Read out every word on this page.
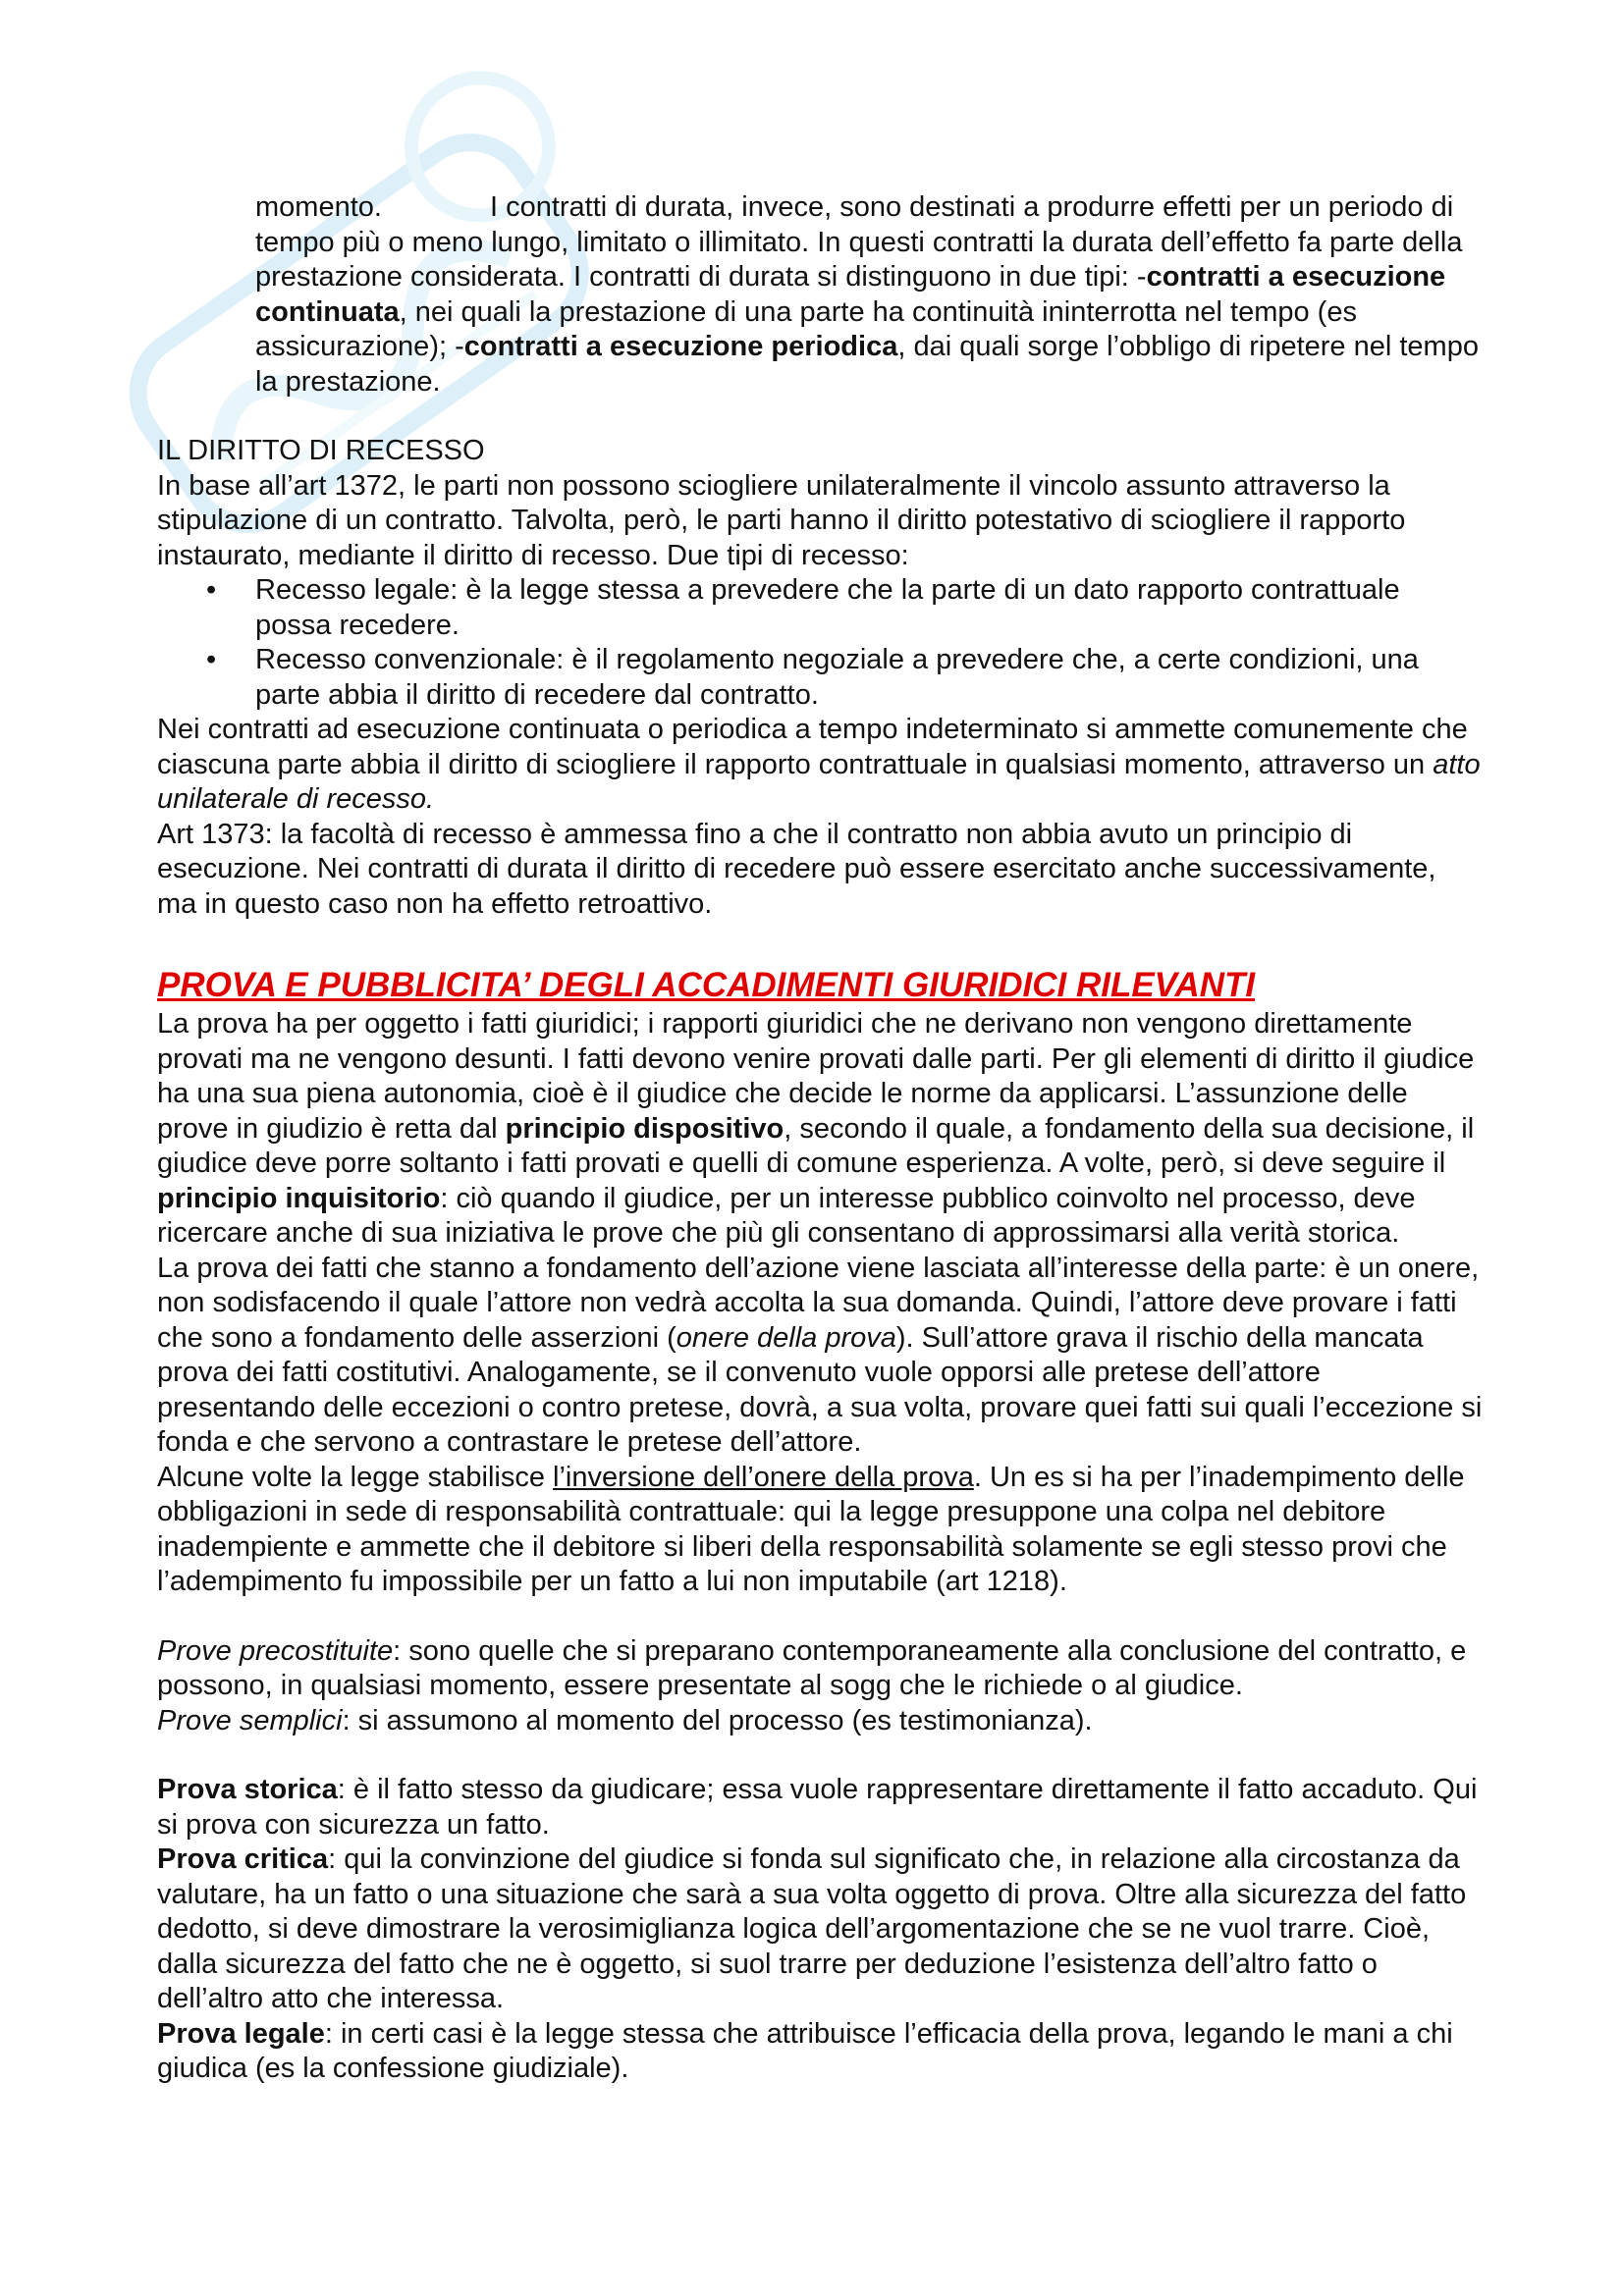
momento.	I contratti di durata, invece, sono destinati a produrre effetti per un periodo di tempo più o meno lungo, limitato o illimitato. In questi contratti la durata dell’effetto fa parte della prestazione considerata. I contratti di durata si distinguono in due tipi: -contratti a esecuzione continuata, nei quali la prestazione di una parte ha continuità ininterrotta nel tempo (es assicurazione); -contratti a esecuzione periodica, dai quali sorge l’obbligo di ripetere nel tempo la prestazione.

IL DIRITTO DI RECESSO

In base all’art 1372, le parti non possono sciogliere unilateralmente il vincolo assunto attraverso la stipulazione di un contratto. Talvolta, però, le parti hanno il diritto potestativo di sciogliere il rapporto instaurato, mediante il diritto di recesso. Due tipi di recesso:

• Recesso legale: è la legge stessa a prevedere che la parte di un dato rapporto contrattuale possa recedere.
• Recesso convenzionale: è il regolamento negoziale a prevedere che, a certe condizioni, una parte abbia il diritto di recedere dal contratto.

Nei contratti ad esecuzione continuata o periodica a tempo indeterminato si ammette comunemente che ciascuna parte abbia il diritto di sciogliere il rapporto contrattuale in qualsiasi momento, attraverso un atto unilaterale di recesso.

Art 1373: la facoltà di recesso è ammessa fino a che il contratto non abbia avuto un principio di esecuzione. Nei contratti di durata il diritto di recedere può essere esercitato anche successivamente, ma in questo caso non ha effetto retroattivo.

PROVA E PUBBLICITA’ DEGLI ACCADIMENTI GIURIDICI RILEVANTI

La prova ha per oggetto i fatti giuridici; i rapporti giuridici che ne derivano non vengono direttamente provati ma ne vengono desunti. I fatti devono venire provati dalle parti. Per gli elementi di diritto il giudice ha una sua piena autonomia, cioè è il giudice che decide le norme da applicarsi. L’assunzione delle prove in giudizio è retta dal principio dispositivo, secondo il quale, a fondamento della sua decisione, il giudice deve porre soltanto i fatti provati e quelli di comune esperienza. A volte, però, si deve seguire il principio inquisitorio: ciò quando il giudice, per un interesse pubblico coinvolto nel processo, deve ricercare anche di sua iniziativa le prove che più gli consentano di approssimarsi alla verità storica.

La prova dei fatti che stanno a fondamento dell’azione viene lasciata all’interesse della parte: è un onere, non sodisfacendo il quale l’attore non vedrà accolta la sua domanda. Quindi, l’attore deve provare i fatti che sono a fondamento delle asserzioni (onere della prova). Sull’attore grava il rischio della mancata prova dei fatti costitutivi. Analogamente, se il convenuto vuole opporsi alle pretese dell’attore presentando delle eccezioni o contro pretese, dovrà, a sua volta, provare quei fatti sui quali l’eccezione si fonda e che servono a contrastare le pretese dell’attore.

Alcune volte la legge stabilisce l’inversione dell’onere della prova. Un es si ha per l’inadempimento delle obbligazioni in sede di responsabilità contrattuale: qui la legge presuppone una colpa nel debitore inadempiente e ammette che il debitore si liberi della responsabilità solamente se egli stesso provi che l’adempimento fu impossibile per un fatto a lui non imputabile (art 1218).

Prove precostituite: sono quelle che si preparano contemporaneamente alla conclusione del contratto, e possono, in qualsiasi momento, essere presentate al sogg che le richiede o al giudice.

Prove semplici: si assumono al momento del processo (es testimonianza).

Prova storica: è il fatto stesso da giudicare; essa vuole rappresentare direttamente il fatto accaduto. Qui si prova con sicurezza un fatto.

Prova critica: qui la convinzione del giudice si fonda sul significato che, in relazione alla circostanza da valutare, ha un fatto o una situazione che sarà a sua volta oggetto di prova. Oltre alla sicurezza del fatto dedotto, si deve dimostrare la verosimiglianza logica dell’argomentazione che se ne vuol trarre. Cioè, dalla sicurezza del fatto che ne è oggetto, si suol trarre per deduzione l’esistenza dell’altro fatto o dell’altro atto che interessa.

Prova legale: in certi casi è la legge stessa che attribuisce l’efficacia della prova, legando le mani a chi giudica (es la confessione giudiziale).
